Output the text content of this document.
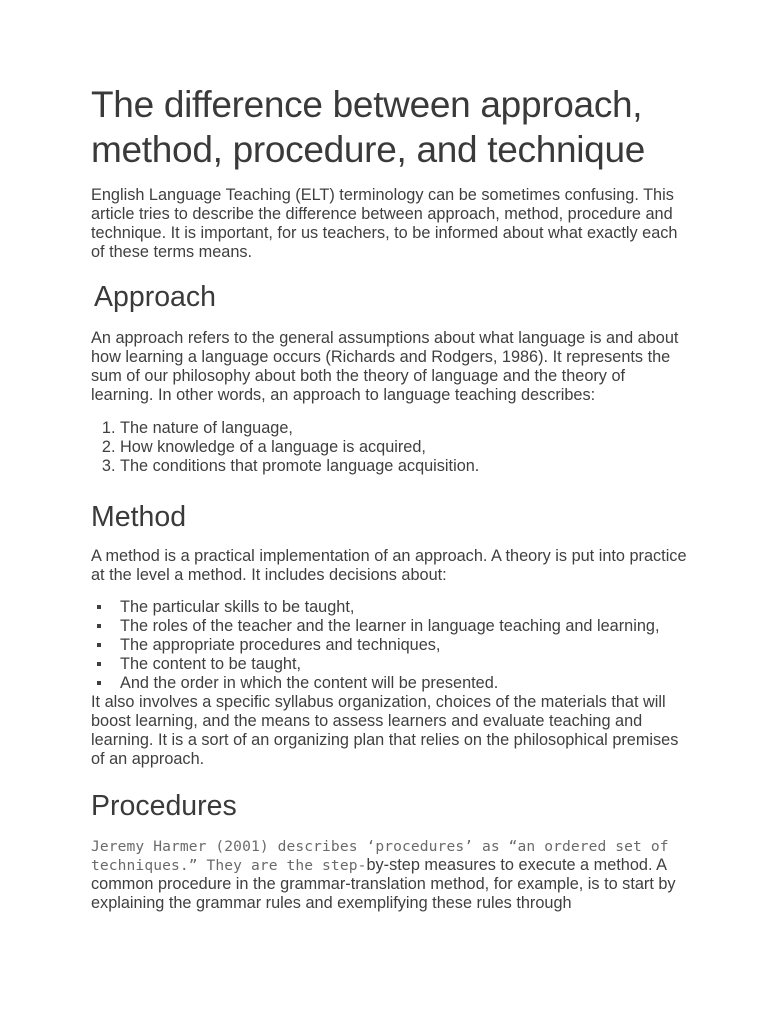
The difference between approach, method, procedure, and technique

English Language Teaching (ELT) terminology can be sometimes confusing. This article tries to describe the difference between approach, method, procedure and technique. It is important, for us teachers, to be informed about what exactly each of these terms means.

Approach

An approach refers to the general assumptions about what language is and about how learning a language occurs (Richards and Rodgers, 1986). It represents the sum of our philosophy about both the theory of language and the theory of learning. In other words, an approach to language teaching describes:

1. The nature of language,
2. How knowledge of a language is acquired,
3. The conditions that promote language acquisition.
Method

A method is a practical implementation of an approach. A theory is put into practice at the level a method. It includes decisions about:

The particular skills to be taught,
The roles of the teacher and the learner in language teaching and learning,
The appropriate procedures and techniques,
The content to be taught,
And the order in which the content will be presented.

It also involves a specific syllabus organization, choices of the materials that will boost learning, and the means to assess learners and evaluate teaching and learning. It is a sort of an organizing plan that relies on the philosophical premises of an approach.

Procedures

Jeremy Harmer (2001) describes ‘procedures’ as “an ordered set of techniques.” They are the step-by-step measures to execute a method. A common procedure in the grammar-translation method, for example, is to start by explaining the grammar rules and exemplifying these rules through
